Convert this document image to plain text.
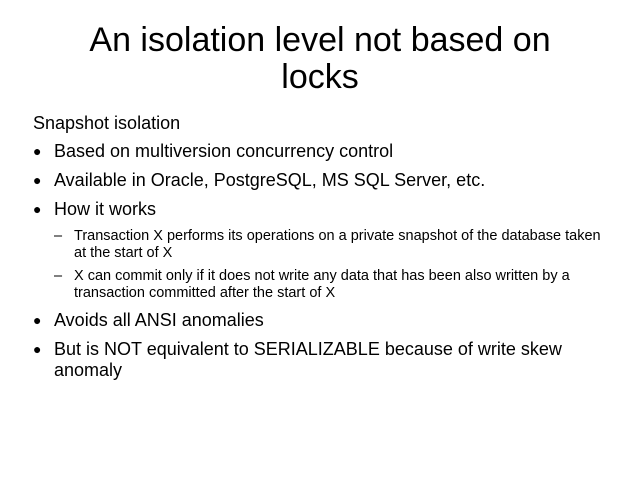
An isolation level not based on locks
Snapshot isolation
● Based on multiversion concurrency control
● Available in Oracle, PostgreSQL, MS SQL Server, etc.
● How it works
– Transaction X performs its operations on a private snapshot of the database taken at the start of X
– X can commit only if it does not write any data that has been also written by a transaction committed after the start of X
● Avoids all ANSI anomalies
● But is NOT equivalent to SERIALIZABLE because of write skew anomaly
